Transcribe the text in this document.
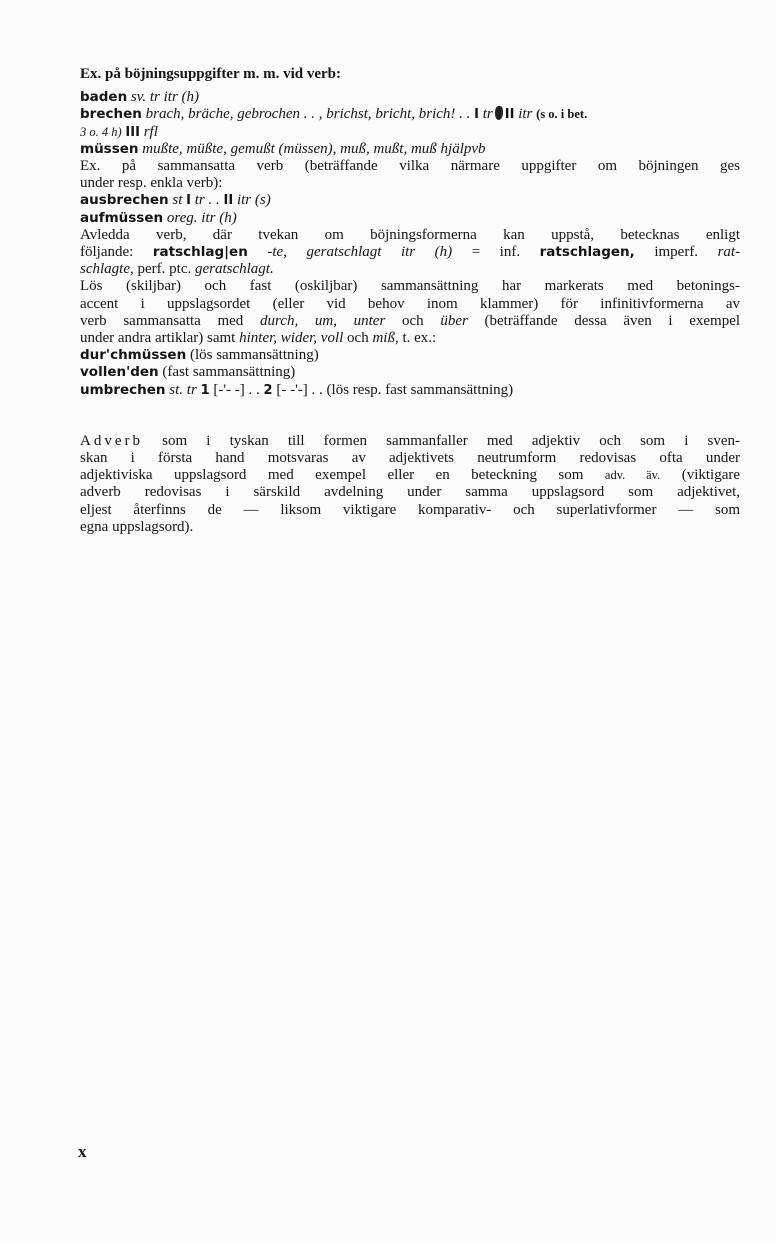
Ex. på böjningsuppgifter m. m. vid verb:
baden sv. tr itr (h)
brechen brach, bräche, gebrochen . . , brichst, bricht, brich! . . I tr II itr (s o. i bet.
3 o. 4 h) III rfl
müssen mußte, müßte, gemußt (müssen), muß, mußt, muß hjälpvb
Ex. på sammansatta verb (beträffande vilka närmare uppgifter om böjningen ges
under resp. enkla verb):
ausbrechen st I tr . . II itr (s)
aufmüssen oreg. itr (h)
Avledda verb, där tvekan om böjningsformerna kan uppstå, betecknas enligt
följande: ratschlag|en -te, geratschlagt itr (h) = inf. ratschlagen, imperf. rat-
schlagte, perf. ptc. geratschlagt.
Lös (skiljbar) och fast (oskiljbar) sammansättning har markerats med betonings-
accent i uppslagsordet (eller vid behov inom klammer) för infinitivformerna av
verb sammansatta med durch, um, unter och über (beträffande dessa även i exempel
under andra artiklar) samt hinter, wider, voll och miß, t. ex.:
dur'chmüssen (lös sammansättning)
vollen'den (fast sammansättning)
umbrechen st. tr 1 [-'- -] . . 2 [- -'-] . . (lös resp. fast sammansättning)
Adverb som i tyskan till formen sammanfaller med adjektiv och som i sven-
skan i första hand motsvaras av adjektivets neutrumform redovisas ofta under
adjektiviska uppslagsord med exempel eller en beteckning som adv. äv. (viktigare
adverb redovisas i särskild avdelning under samma uppslagsord som adjektivet,
eljest återfinns de — liksom viktigare komparativ- och superlativformer — som
egna uppslagsord).
x
